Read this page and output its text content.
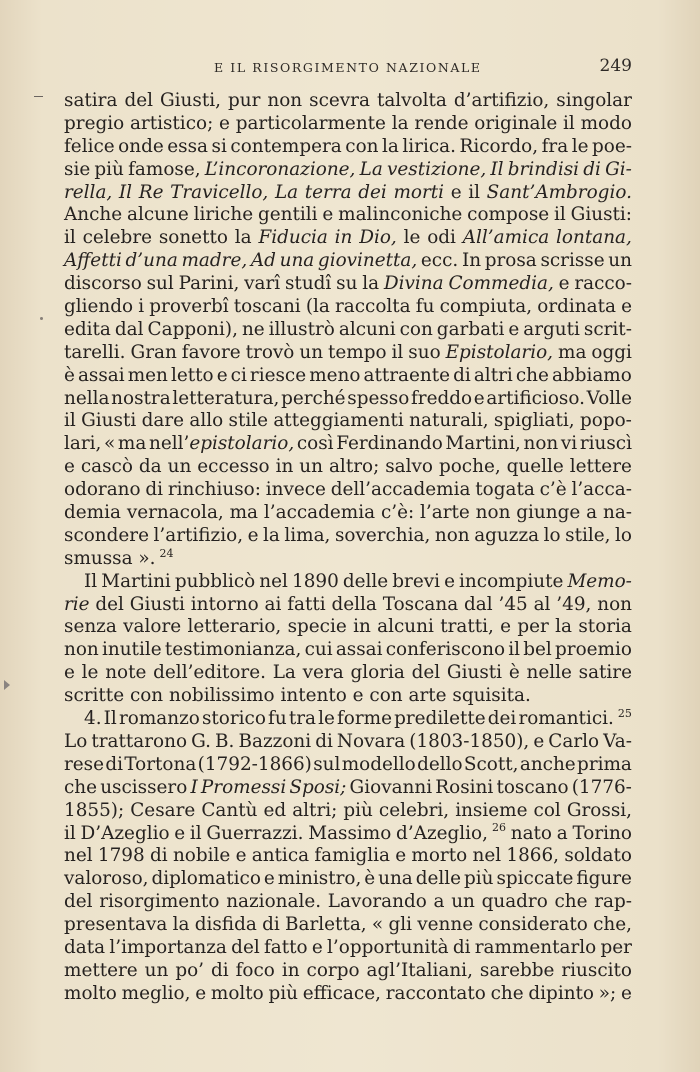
E IL RISORGIMENTO NAZIONALE	249
satira del Giusti, pur non scevra talvolta d’artifizio, singolar
pregio artistico; e particolarmente la rende originale il modo
felice onde essa si contempera con la lirica. Ricordo, fra le poe-
sie più famose, L’incoronazione, La vestizione, Il brindisi di Gi-
rella, Il Re Travicello, La terra dei morti e il Sant’Ambrogio.
Anche alcune liriche gentili e malinconiche compose il Giusti:
il celebre sonetto la Fiducia in Dio, le odi All’amica lontana,
Affetti d’una madre, Ad una giovinetta, ecc. In prosa scrisse un
discorso sul Parini, varî studî su la Divina Commedia, e racco-
gliendo i proverbî toscani (la raccolta fu compiuta, ordinata e
edita dal Capponi), ne illustrò alcuni con garbati e arguti scrit-
tarelli. Gran favore trovò un tempo il suo Epistolario, ma oggi
è assai men letto e ci riesce meno attraente di altri che abbiamo
nella nostra letteratura, perché spesso freddo e artificioso. Volle
il Giusti dare allo stile atteggiamenti naturali, spigliati, popo-
lari, « ma nell’epistolario, così Ferdinando Martini, non vi riuscì
e cascò da un eccesso in un altro; salvo poche, quelle lettere
odorano di rinchiuso: invece dell’accademia togata c’è l’acca-
demia vernacola, ma l’accademia c’è: l’arte non giunge a na-
scondere l’artifizio, e la lima, soverchia, non aguzza lo stile, lo
smussa
». $^{24}$
Il Martini pubblicò nel 1890 delle brevi e incompiute Memo-
rie del Giusti intorno ai fatti della Toscana dal ’45 al ’49, non
senza valore letterario, specie in alcuni tratti, e per la storia
non inutile testimonianza, cui assai conferiscono il bel proemio
e le note dell’editore. La vera gloria del Giusti è nelle satire
scritte
con
nobilissimo
intento
e
con
arte
squisita.
4. Il romanzo storico fu tra le forme predilette dei romantici. $^{25}$
Lo trattarono G. B. Bazzoni di Novara (1803-1850), e Carlo Va-
rese di Tortona (1792-1866) sul modello dello Scott, anche prima
che uscissero I Promessi Sposi; Giovanni Rosini toscano (1776-
1855); Cesare Cantù ed altri; più celebri, insieme col Grossi,
il D’Azeglio e il Guerrazzi. Massimo d’Azeglio, $^{26}$ nato a Torino
nel 1798 di nobile e antica famiglia e morto nel 1866, soldato
valoroso, diplomatico e ministro, è una delle più spiccate figure
del risorgimento nazionale. Lavorando a un quadro che rap-
presentava la disfida di Barletta, « gli venne considerato che,
data l’importanza del fatto e l’opportunità di rammentarlo per
mettere un po’ di foco in corpo agl’Italiani, sarebbe riuscito
molto meglio, e molto più efficace, raccontato che dipinto »; e
